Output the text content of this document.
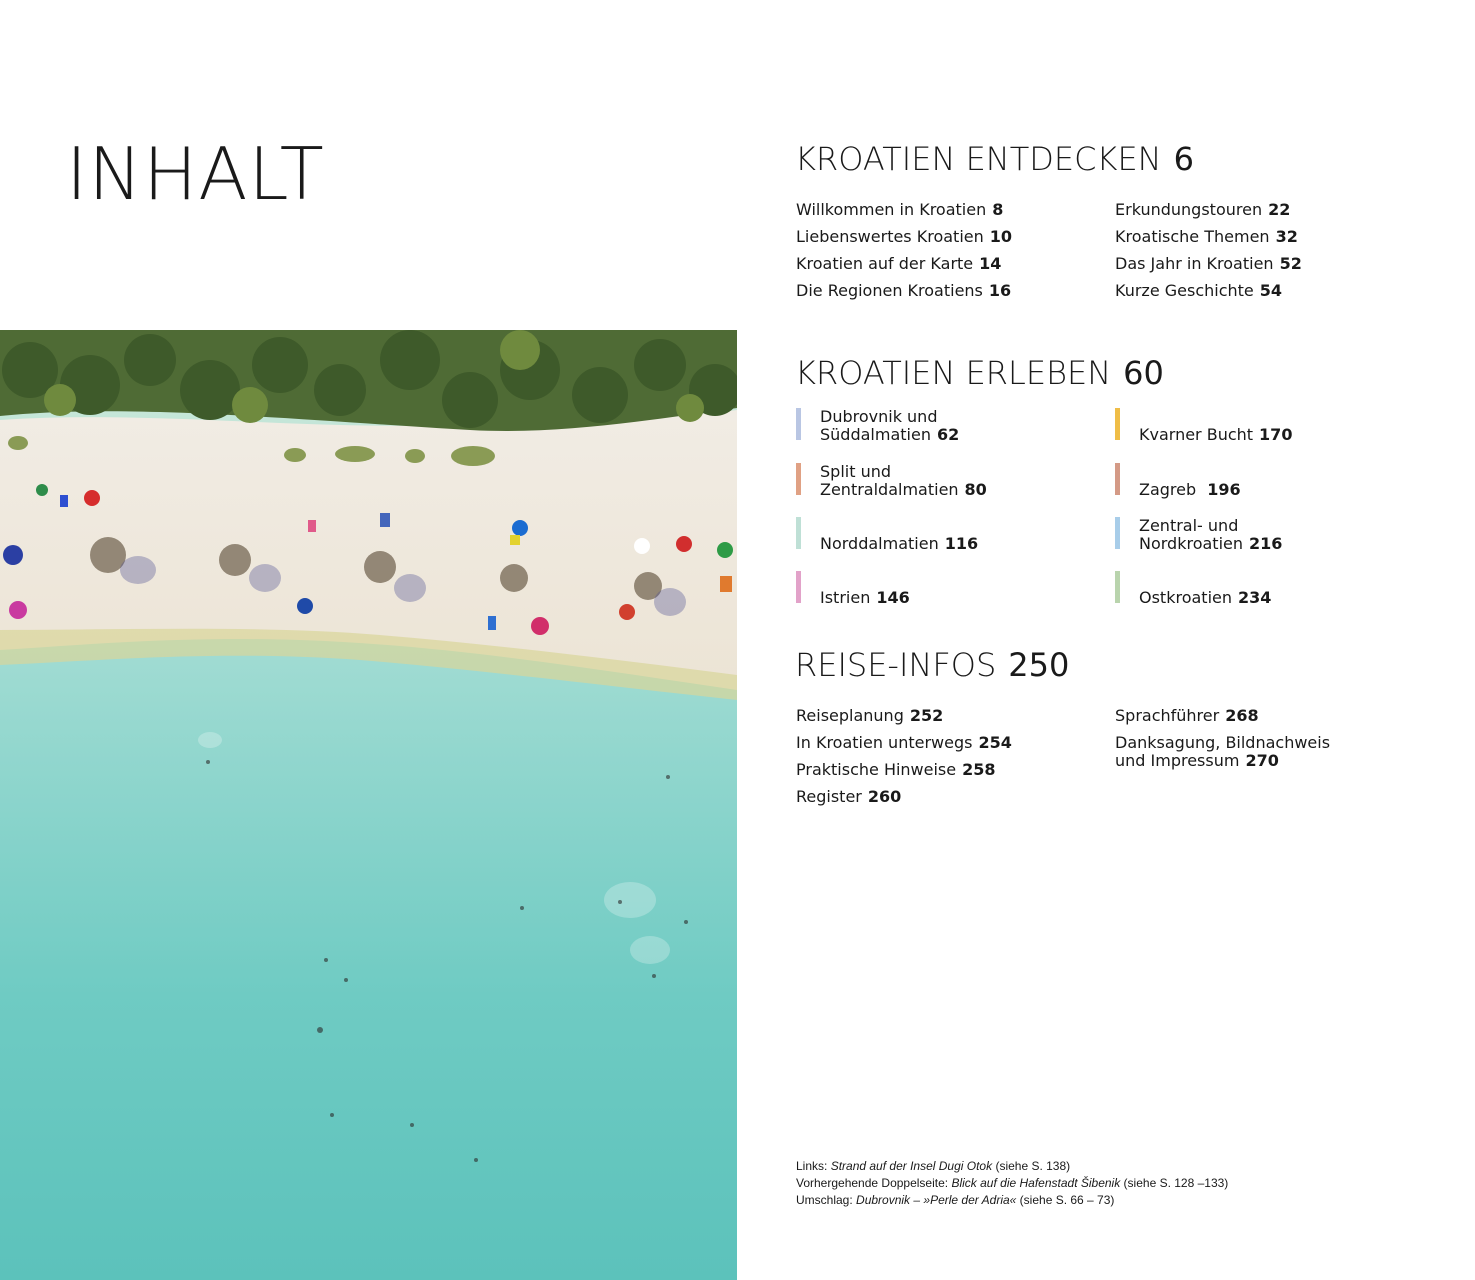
INHALT	KROATIEN ENTDECKEN 6
Willkommen in Kroatien 8
Liebenswertes Kroatien 10
Kroatien auf der Karte 14
Die Regionen Kroatiens 16
Erkundungstouren 22
Kroatische Themen 32
Das Jahr in Kroatien 52
Kurze Geschichte 54
KROATIEN ERLEBEN 60
Dubrovnik und
Süddalmatien 62
Split und
Zentraldalmatien 80
Norddalmatien 116
Istrien 146
Kvarner Bucht 170
Zagreb 196
Zentral- und
Nordkroatien 216
Ostkroatien 234
REISE-INFOS 250
Reiseplanung 252
In Kroatien unterwegs 254
Praktische Hinweise 258
Register 260
Sprachführer 268
Danksagung, Bildnachweis
und Impressum 270
Links: Strand auf der Insel Dugi Otok (siehe S. 138)
Vorhergehende Doppelseite: Blick auf die Hafenstadt Šibenik (siehe S. 128 –133)
Umschlag: Dubrovnik – »Perle der Adria« (siehe S. 66 – 73)
